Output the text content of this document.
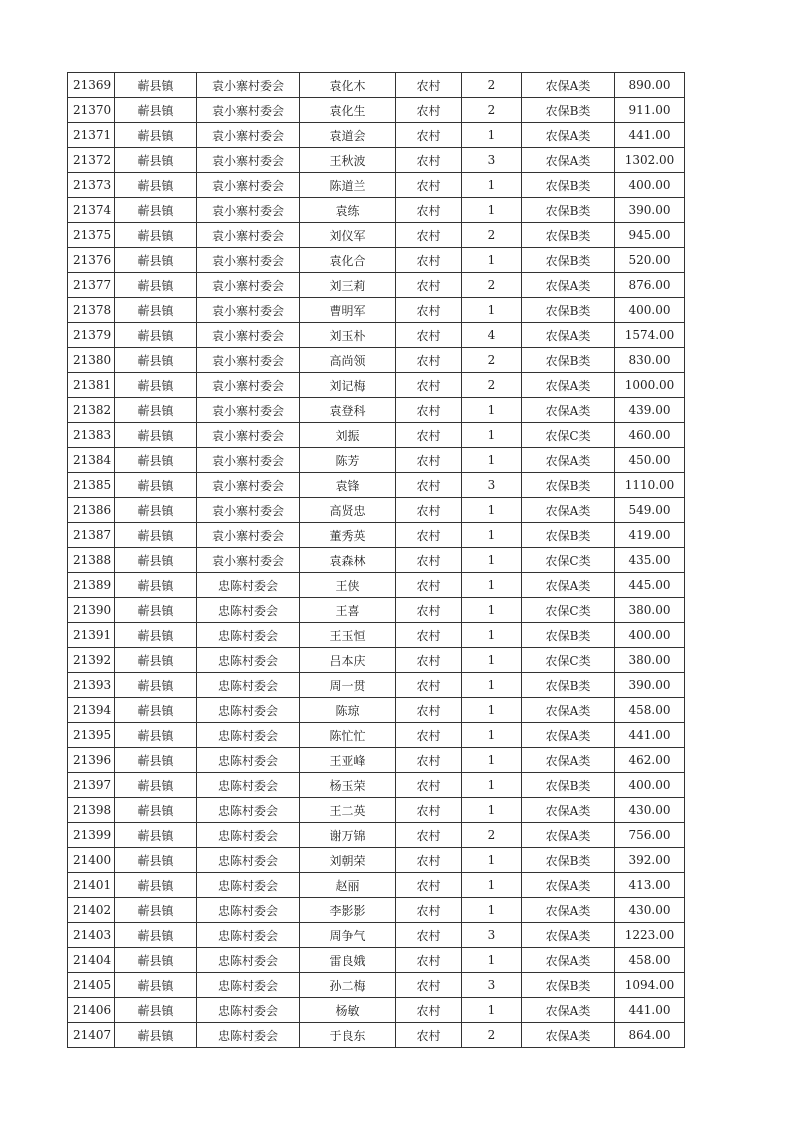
21369	蕲县镇	袁小寨村委会	袁化木	农村	2	农保A类	890.00
21370	蕲县镇	袁小寨村委会	袁化生	农村	2	农保B类	911.00
21371	蕲县镇	袁小寨村委会	袁道会	农村	1	农保A类	441.00
21372	蕲县镇	袁小寨村委会	王秋波	农村	3	农保A类	1302.00
21373	蕲县镇	袁小寨村委会	陈道兰	农村	1	农保B类	400.00
21374	蕲县镇	袁小寨村委会	袁练	农村	1	农保B类	390.00
21375	蕲县镇	袁小寨村委会	刘仪军	农村	2	农保B类	945.00
21376	蕲县镇	袁小寨村委会	袁化合	农村	1	农保B类	520.00
21377	蕲县镇	袁小寨村委会	刘三莉	农村	2	农保A类	876.00
21378	蕲县镇	袁小寨村委会	曹明军	农村	1	农保B类	400.00
21379	蕲县镇	袁小寨村委会	刘玉朴	农村	4	农保A类	1574.00
21380	蕲县镇	袁小寨村委会	高尚领	农村	2	农保B类	830.00
21381	蕲县镇	袁小寨村委会	刘记梅	农村	2	农保A类	1000.00
21382	蕲县镇	袁小寨村委会	袁登科	农村	1	农保A类	439.00
21383	蕲县镇	袁小寨村委会	刘振	农村	1	农保C类	460.00
21384	蕲县镇	袁小寨村委会	陈芳	农村	1	农保A类	450.00
21385	蕲县镇	袁小寨村委会	袁锋	农村	3	农保B类	1110.00
21386	蕲县镇	袁小寨村委会	高贤忠	农村	1	农保A类	549.00
21387	蕲县镇	袁小寨村委会	董秀英	农村	1	农保B类	419.00
21388	蕲县镇	袁小寨村委会	袁森林	农村	1	农保C类	435.00
21389	蕲县镇	忠陈村委会	王侠	农村	1	农保A类	445.00
21390	蕲县镇	忠陈村委会	王喜	农村	1	农保C类	380.00
21391	蕲县镇	忠陈村委会	王玉恒	农村	1	农保B类	400.00
21392	蕲县镇	忠陈村委会	吕本庆	农村	1	农保C类	380.00
21393	蕲县镇	忠陈村委会	周一贯	农村	1	农保B类	390.00
21394	蕲县镇	忠陈村委会	陈琼	农村	1	农保A类	458.00
21395	蕲县镇	忠陈村委会	陈忙忙	农村	1	农保A类	441.00
21396	蕲县镇	忠陈村委会	王亚峰	农村	1	农保A类	462.00
21397	蕲县镇	忠陈村委会	杨玉荣	农村	1	农保B类	400.00
21398	蕲县镇	忠陈村委会	王二英	农村	1	农保A类	430.00
21399	蕲县镇	忠陈村委会	谢万锦	农村	2	农保A类	756.00
21400	蕲县镇	忠陈村委会	刘朝荣	农村	1	农保B类	392.00
21401	蕲县镇	忠陈村委会	赵丽	农村	1	农保A类	413.00
21402	蕲县镇	忠陈村委会	李影影	农村	1	农保A类	430.00
21403	蕲县镇	忠陈村委会	周争气	农村	3	农保A类	1223.00
21404	蕲县镇	忠陈村委会	雷良娥	农村	1	农保A类	458.00
21405	蕲县镇	忠陈村委会	孙二梅	农村	3	农保B类	1094.00
21406	蕲县镇	忠陈村委会	杨敏	农村	1	农保A类	441.00
21407	蕲县镇	忠陈村委会	于良东	农村	2	农保A类	864.00
